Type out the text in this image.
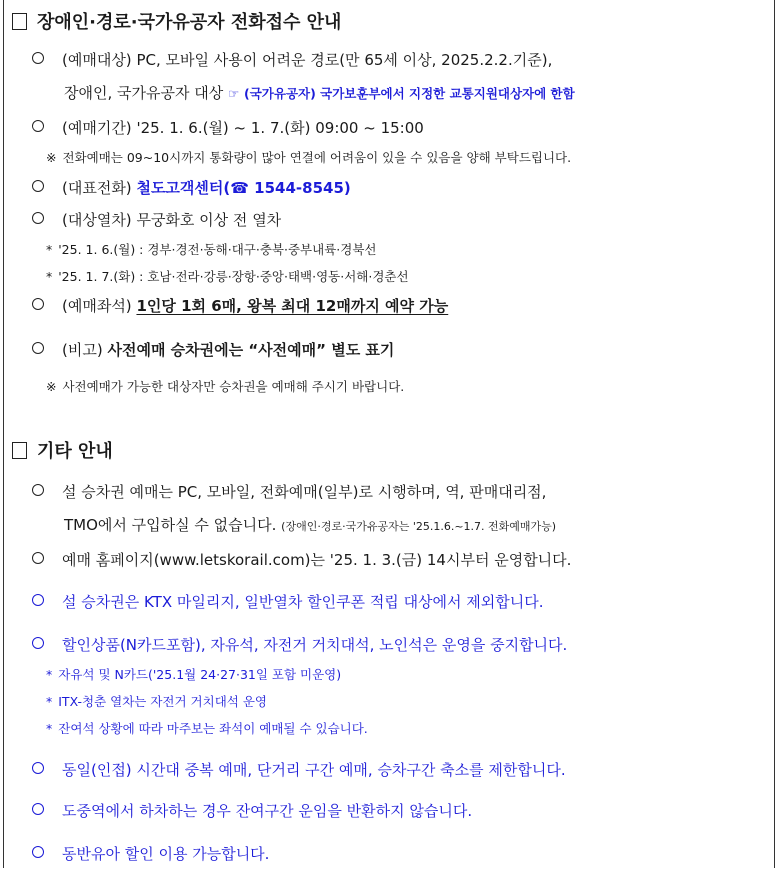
장애인·경로·국가유공자 전화접수 안내
(예매대상) PC, 모바일 사용이 어려운 경로(만 65세 이상, 2025.2.2.기준),
장애인, 국가유공자 대상 ☞ (국가유공자) 국가보훈부에서 지정한 교통지원대상자에 한함
(예매기간) '25. 1. 6.(월) ~ 1. 7.(화) 09:00 ~ 15:00
※ 전화예매는 09~10시까지 통화량이 많아 연결에 어려움이 있을 수 있음을 양해 부탁드립니다.
(대표전화) 철도고객센터(☎ 1544-8545)
(대상열차) 무궁화호 이상 전 열차
* '25. 1. 6.(월) : 경부·경전·동해·대구·충북·중부내륙·경북선
* '25. 1. 7.(화) : 호남·전라·강릉·장항·중앙·태백·영동·서해·경춘선
(예매좌석) 1인당 1회 6매, 왕복 최대 12매까지 예약 가능
(비고) 사전예매 승차권에는 “사전예매” 별도 표기
※ 사전예매가 가능한 대상자만 승차권을 예매해 주시기 바랍니다.
기타 안내
설 승차권 예매는 PC, 모바일, 전화예매(일부)로 시행하며, 역, 판매대리점,
TMO에서 구입하실 수 없습니다. (장애인·경로·국가유공자는 '25.1.6.~1.7. 전화예매가능)
예매 홈페이지(www.letskorail.com)는 '25. 1. 3.(금) 14시부터 운영합니다.
설 승차권은 KTX 마일리지, 일반열차 할인쿠폰 적립 대상에서 제외합니다.
할인상품(N카드포함), 자유석, 자전거 거치대석, 노인석은 운영을 중지합니다.
* 자유석 및 N카드('25.1월 24·27·31일 포함 미운영)
* ITX-청춘 열차는 자전거 거치대석 운영
* 잔여석 상황에 따라 마주보는 좌석이 예매될 수 있습니다.
동일(인접) 시간대 중복 예매, 단거리 구간 예매, 승차구간 축소를 제한합니다.
도중역에서 하차하는 경우 잔여구간 운임을 반환하지 않습니다.
동반유아 할인 이용 가능합니다.
